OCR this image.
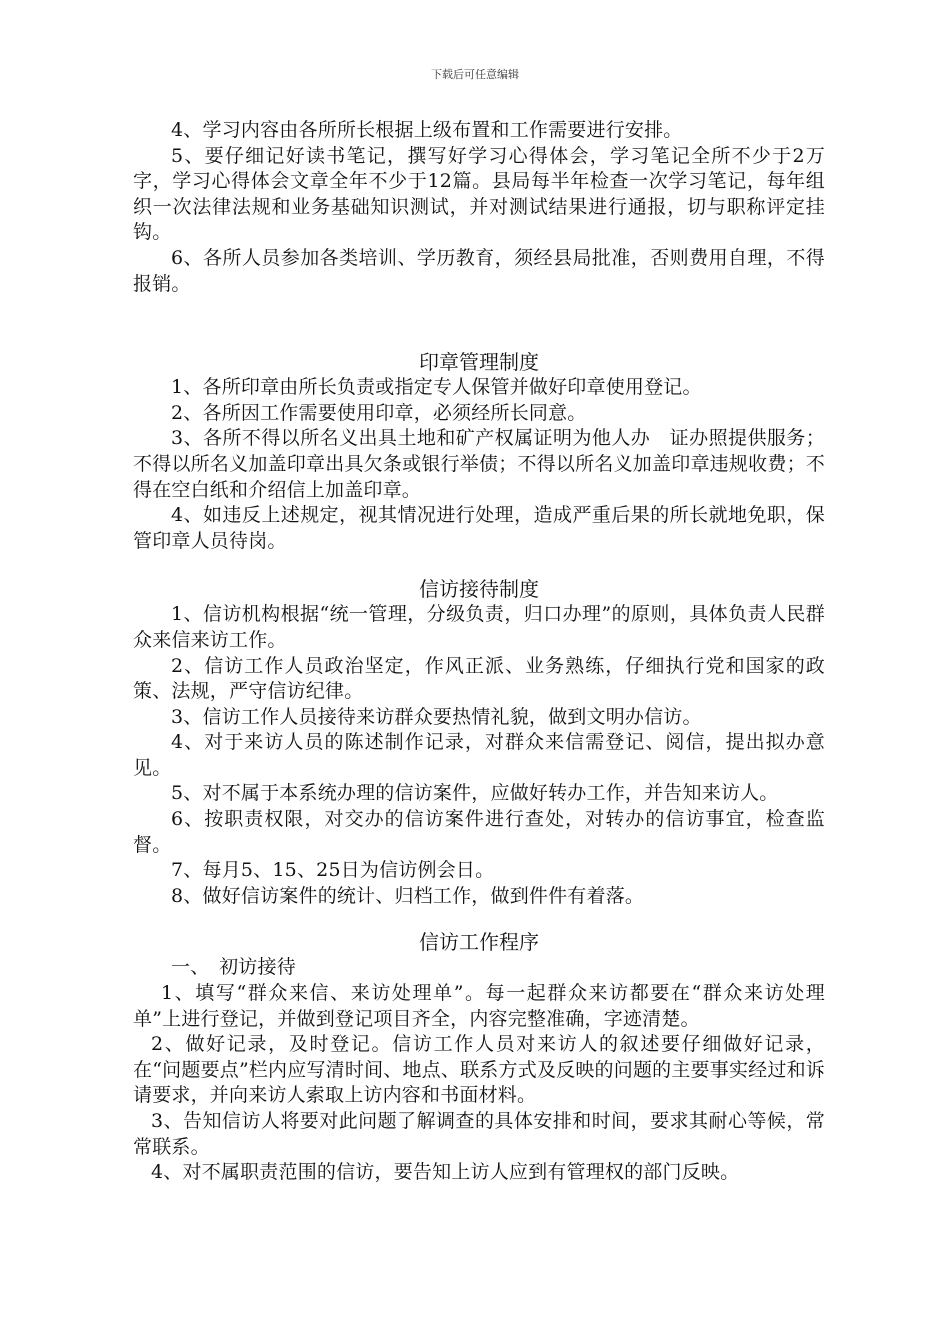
下载后可任意编辑

4、学习内容由各所所长根据上级布置和工作需要进行安排。

5、要仔细记好读书笔记，撰写好学习心得体会，学习笔记全所不少于2万字，学习心得体会文章全年不少于12篇。县局每半年检查一次学习笔记，每年组织一次法律法规和业务基础知识测试，并对测试结果进行通报，切与职称评定挂钩。

6、各所人员参加各类培训、学历教育，须经县局批准，否则费用自理，不得报销。

印章管理制度

1、各所印章由所长负责或指定专人保管并做好印章使用登记。

2、各所因工作需要使用印章，必须经所长同意。

3、各所不得以所名义出具土地和矿产权属证明为他人办　证办照提供服务；不得以所名义加盖印章出具欠条或银行举债；不得以所名义加盖印章违规收费；不得在空白纸和介绍信上加盖印章。

4、如违反上述规定，视其情况进行处理，造成严重后果的所长就地免职，保管印章人员待岗。

信访接待制度

1、信访机构根据“统一管理，分级负责，归口办理”的原则，具体负责人民群众来信来访工作。

2、信访工作人员政治坚定，作风正派、业务熟练，仔细执行党和国家的政策、法规，严守信访纪律。

3、信访工作人员接待来访群众要热情礼貌，做到文明办信访。

4、对于来访人员的陈述制作记录，对群众来信需登记、阅信，提出拟办意见。

5、对不属于本系统办理的信访案件，应做好转办工作，并告知来访人。

6、按职责权限，对交办的信访案件进行查处，对转办的信访事宜，检查监督。

7、每月5、15、25日为信访例会日。

8、做好信访案件的统计、归档工作，做到件件有着落。

信访工作程序

一、　初访接待

1、填写“群众来信、来访处理单”。每一起群众来访都要在“群众来访处理单”上进行登记，并做到登记项目齐全，内容完整准确，字迹清楚。

2、做好记录，及时登记。信访工作人员对来访人的叙述要仔细做好记录，在“问题要点”栏内应写清时间、地点、联系方式及反映的问题的主要事实经过和诉请要求，并向来访人索取上访内容和书面材料。

3、告知信访人将要对此问题了解调查的具体安排和时间，要求其耐心等候，常常联系。

4、对不属职责范围的信访，要告知上访人应到有管理权的部门反映。
